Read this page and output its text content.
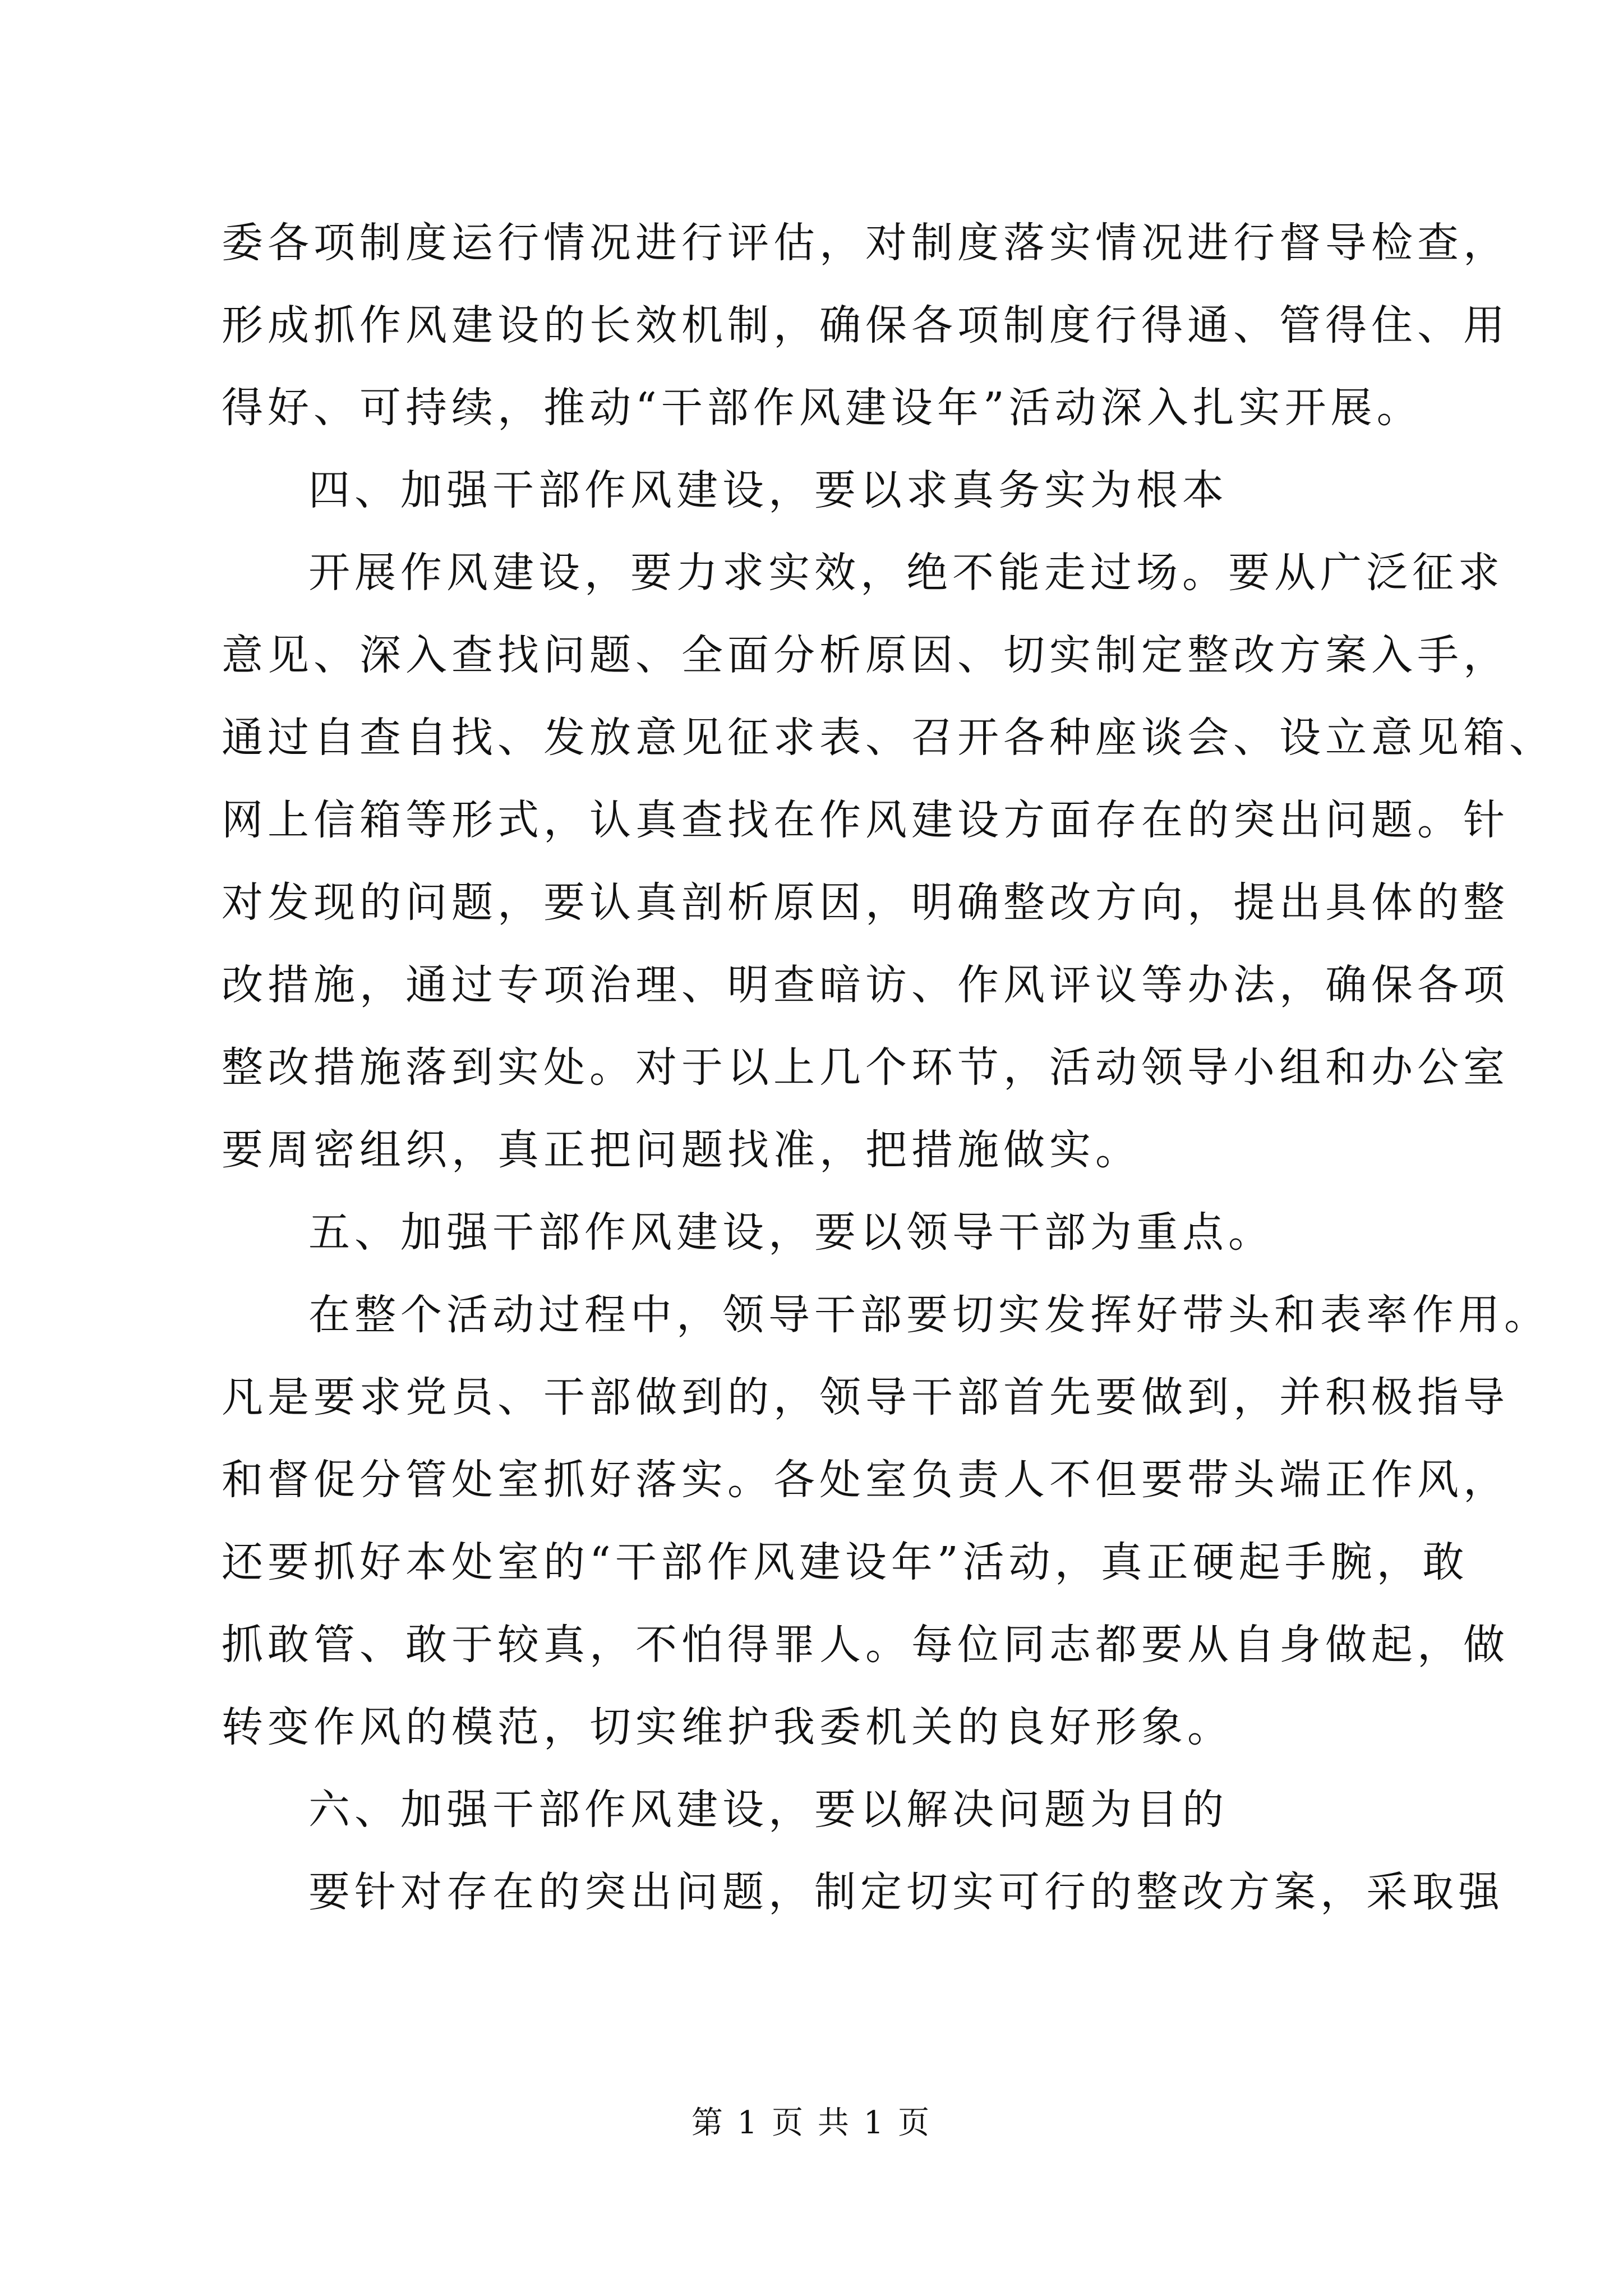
委各项制度运行情况进行评估，对制度落实情况进行督导检查，
形成抓作风建设的长效机制，确保各项制度行得通、管得住、用
得好、可持续，推动“干部作风建设年”活动深入扎实开展。
四、加强干部作风建设，要以求真务实为根本
开展作风建设，要力求实效，绝不能走过场。要从广泛征求
意见、深入查找问题、全面分析原因、切实制定整改方案入手，
通过自查自找、发放意见征求表、召开各种座谈会、设立意见箱、
网上信箱等形式，认真查找在作风建设方面存在的突出问题。针
对发现的问题，要认真剖析原因，明确整改方向，提出具体的整
改措施，通过专项治理、明查暗访、作风评议等办法，确保各项
整改措施落到实处。对于以上几个环节，活动领导小组和办公室
要周密组织，真正把问题找准，把措施做实。
五、加强干部作风建设，要以领导干部为重点。
在整个活动过程中，领导干部要切实发挥好带头和表率作用。
凡是要求党员、干部做到的，领导干部首先要做到，并积极指导
和督促分管处室抓好落实。各处室负责人不但要带头端正作风，
还要抓好本处室的“干部作风建设年”活动，真正硬起手腕，敢
抓敢管、敢于较真，不怕得罪人。每位同志都要从自身做起，做
转变作风的模范，切实维护我委机关的良好形象。
六、加强干部作风建设，要以解决问题为目的
要针对存在的突出问题，制定切实可行的整改方案，采取强
第 1 页 共 1 页
